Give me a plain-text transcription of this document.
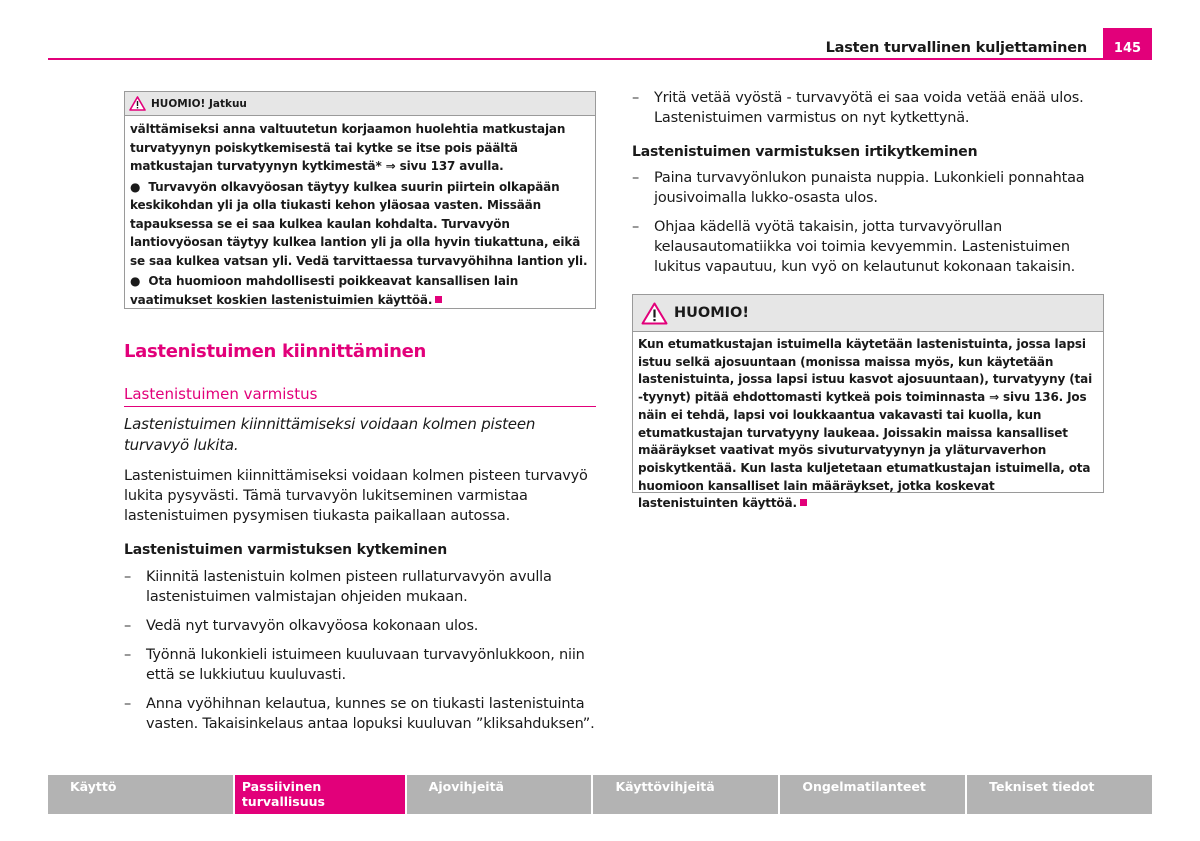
Lasten turvallinen kuljettaminen	145
HUOMIO! Jatkuu

välttämiseksi anna valtuutetun korjaamon huolehtia matkustajan turvatyynyn poiskytkemisestä tai kytke se itse pois päältä matkustajan turvatyynyn kytkimestä* ⇒ sivu 137 avulla.

●  Turvavyön olkavyöosan täytyy kulkea suurin piirtein olkapään keskikohdan yli ja olla tiukasti kehon yläosaa vasten. Missään tapauksessa se ei saa kulkea kaulan kohdalta. Turvavyön lantiovyöosan täytyy kulkea lantion yli ja olla hyvin tiukattuna, eikä se saa kulkea vatsan yli. Vedä tarvittaessa turvavyöhihna lantion yli.

●  Ota huomioon mahdollisesti poikkeavat kansallisen lain vaatimukset koskien lastenistuimien käyttöä.

Lastenistuimen kiinnittäminen
Lastenistuimen varmistus
Lastenistuimen kiinnittämiseksi voidaan kolmen pisteen turvavyö lukita.
Lastenistuimen kiinnittämiseksi voidaan kolmen pisteen turvavyö lukita pysyvästi. Tämä turvavyön lukitseminen varmistaa lastenistuimen pysymisen tiukasta paikallaan autossa.
Lastenistuimen varmistuksen kytkeminen
– Kiinnitä lastenistuin kolmen pisteen rullaturvavyön avulla lastenistuimen valmistajan ohjeiden mukaan.
– Vedä nyt turvavyön olkavyöosa kokonaan ulos.
– Työnnä lukonkieli istuimeen kuuluvaan turvavyönlukkoon, niin että se lukkiutuu kuuluvasti.
– Anna vyöhihnan kelautua, kunnes se on tiukasti lastenistuinta vasten. Takaisinkelaus antaa lopuksi kuuluvan ”kliksahduksen”.
– Yritä vetää vyöstä - turvavyötä ei saa voida vetää enää ulos. Lastenistuimen varmistus on nyt kytkettynä.
Lastenistuimen varmistuksen irtikytkeminen
– Paina turvavyönlukon punaista nuppia. Lukonkieli ponnahtaa jousivoimalla lukko-osasta ulos.
– Ohjaa kädellä vyötä takaisin, jotta turvavyörullan kelausautomatiikka voi toimia kevyemmin. Lastenistuimen lukitus vapautuu, kun vyö on kelautunut kokonaan takaisin.
HUOMIO!

Kun etumatkustajan istuimella käytetään lastenistuinta, jossa lapsi istuu selkä ajosuuntaan (monissa maissa myös, kun käytetään lastenistuinta, jossa lapsi istuu kasvot ajosuuntaan), turvatyyny (tai -tyynyt) pitää ehdottomasti kytkeä pois toiminnasta ⇒ sivu 136. Jos näin ei tehdä, lapsi voi loukkaantua vakavasti tai kuolla, kun etumatkustajan turvatyyny laukeaa. Joissakin maissa kansalliset määräykset vaativat myös sivuturvatyynyn ja yläturvaverhon poiskytkentää. Kun lasta kuljetetaan etumatkustajan istuimella, ota huomioon kansalliset lain määräykset, jotka koskevat lastenistuinten käyttöä.

Käyttö	Passiivinen turvallisuus
Ajovihjeitä	Käyttövihjeitä	Ongelmatilanteet	Tekniset tiedot
